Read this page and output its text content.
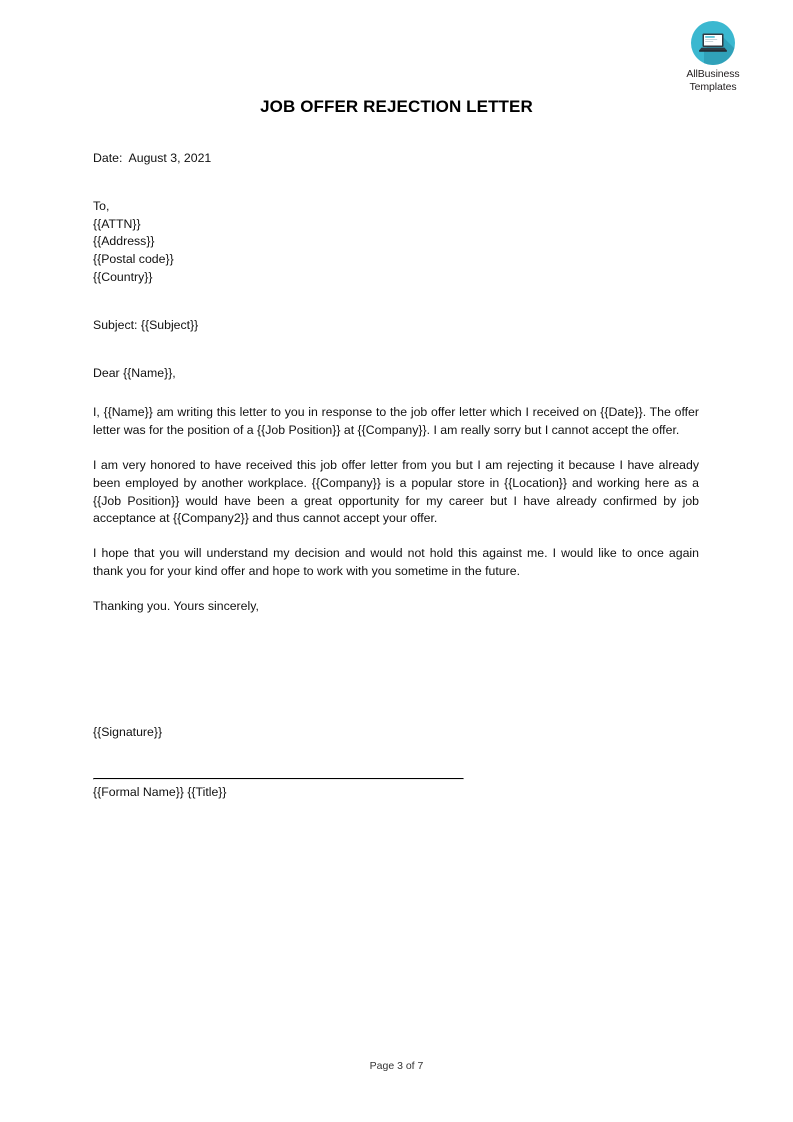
AllBusiness
Templates
JOB OFFER REJECTION LETTER
Date:  August 3, 2021
To,
{{ATTN}}
{{Address}}
{{Postal code}}
{{Country}}
Subject: {{Subject}}
Dear {{Name}},

I, {{Name}} am writing this letter to you in response to the job offer letter which I received on {{Date}}. The offer letter was for the position of a {{Job Position}} at {{Company}}. I am really sorry but I cannot accept the offer.

I am very honored to have received this job offer letter from you but I am rejecting it because I have already been employed by another workplace. {{Company}} is a popular store in {{Location}} and working here as a {{Job Position}} would have been a great opportunity for my career but I have already confirmed by job acceptance at {{Company2}} and thus cannot accept your offer.

I hope that you will understand my decision and would not hold this against me. I would like to once again thank you for your kind offer and hope to work with you sometime in the future.

Thanking you. Yours sincerely,
{{Signature}}
{{Formal Name}} {{Title}}
Page 3 of 7
